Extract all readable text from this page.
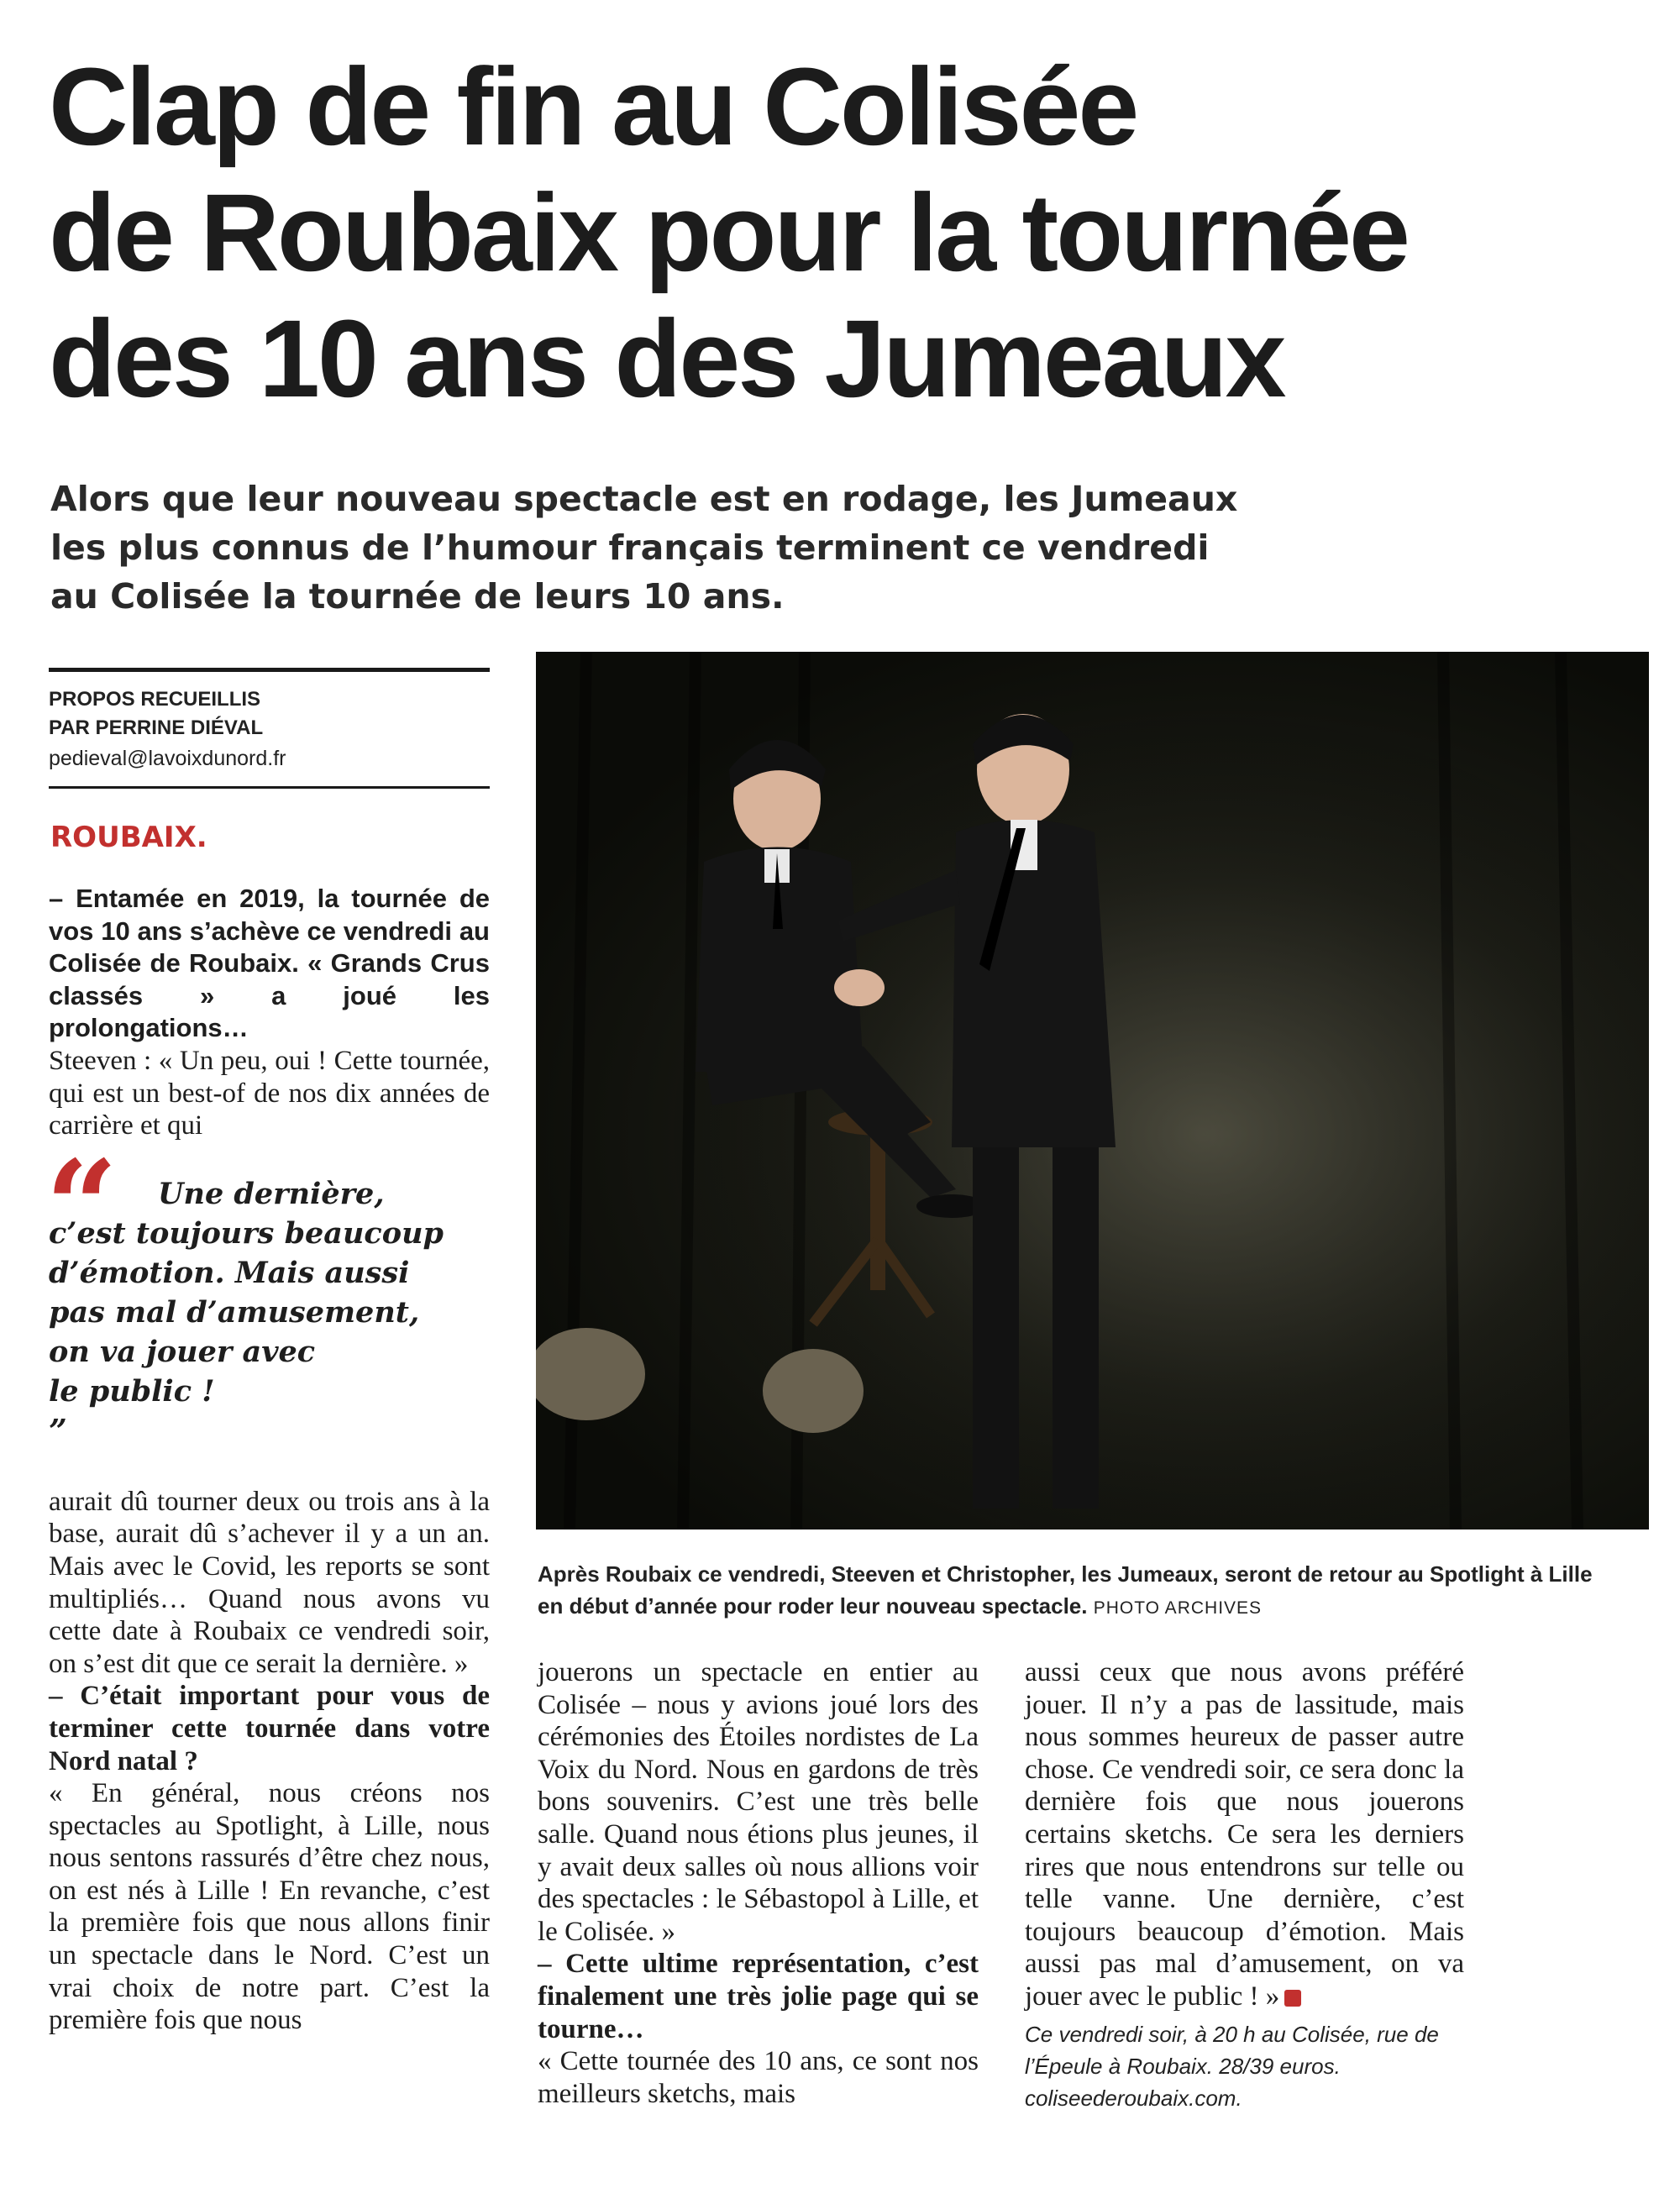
Clap de fin au Colisée
de Roubaix pour la tournée
des 10 ans des Jumeaux
Alors que leur nouveau spectacle est en rodage, les Jumeaux
les plus connus de l’humour français terminent ce vendredi
au Colisée la tournée de leurs 10 ans.
PROPOS RECUEILLIS
PAR PERRINE DIÉVAL
pedieval@lavoixdunord.fr
ROUBAIX.

– Entamée en 2019, la tournée de vos 10 ans s’achève ce vendredi au Colisée de Roubaix. « Grands Crus classés » a joué les prolongations…
Steeven : « Un peu, oui ! Cette tournée, qui est un best-of de nos dix années de carrière et qui

“	Une dernière,
c’est toujours beaucoup
d’émotion. Mais aussi
pas mal d’amusement,
on va jouer avec
le public !
”

aurait dû tourner deux ou trois ans à la base, aurait dû s’achever il y a un an. Mais avec le Covid, les reports se sont multipliés… Quand nous avons vu cette date à Roubaix ce vendredi soir, on s’est dit que ce serait la dernière. »
– C’était important pour vous de terminer cette tournée dans votre Nord natal ?
« En général, nous créons nos spectacles au Spotlight, à Lille, nous nous sentons rassurés d’être chez nous, on est nés à Lille ! En revanche, c’est la première fois que nous allons finir un spectacle dans le Nord. C’est un vrai choix de notre part. C’est la première fois que nous

Après Roubaix ce vendredi, Steeven et Christopher, les Jumeaux, seront de retour au Spotlight à Lille
en début d’année pour roder leur nouveau spectacle. PHOTO ARCHIVES

jouerons un spectacle en entier au Colisée – nous y avions joué lors des cérémonies des Étoiles nordistes de La Voix du Nord. Nous en gardons de très bons souvenirs. C’est une très belle salle. Quand nous étions plus jeunes, il y avait deux salles où nous allions voir des spectacles : le Sébastopol à Lille, et le Colisée. »
– Cette ultime représentation, c’est finalement une très jolie page qui se tourne…
« Cette tournée des 10 ans, ce sont nos meilleurs sketchs, mais

aussi ceux que nous avons préféré jouer. Il n’y a pas de lassitude, mais nous sommes heureux de passer autre chose. Ce vendredi soir, ce sera donc la dernière fois que nous jouerons certains sketchs. Ce sera les derniers rires que nous entendrons sur telle ou telle vanne. Une dernière, c’est toujours beaucoup d’émotion. Mais aussi pas mal d’amusement, on va jouer avec le public ! »

Ce vendredi soir, à 20 h au Colisée, rue de l’Épeule à Roubaix. 28/39 euros. coliseederoubaix.com.
